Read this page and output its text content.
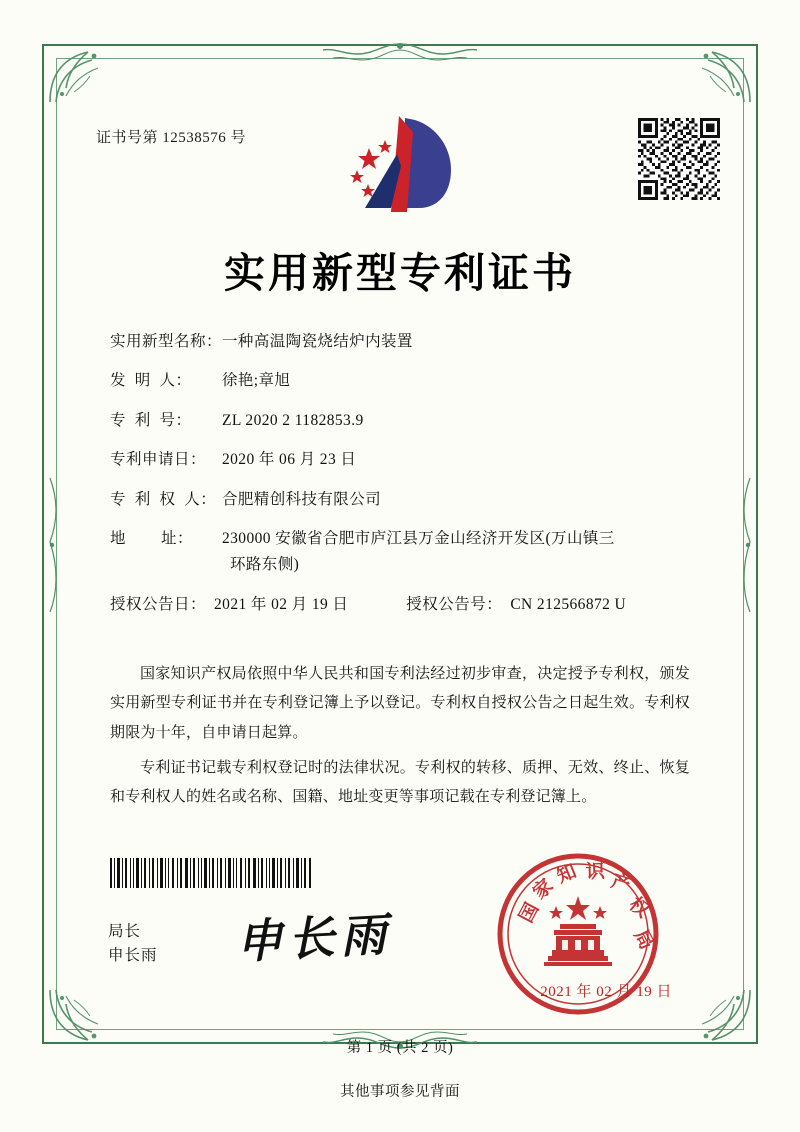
证书号第 12538576 号
实用新型专利证书
实用新型名称： 一种高温陶瓷烧结炉内装置
发  明  人：	徐艳;章旭
专  利  号：	ZL 2020 2 1182853.9
专利申请日：	2020 年 06 月 23 日
专  利  权  人： 合肥精创科技有限公司
地        址：	230000 安徽省合肥市庐江县万金山经济开发区(万山镇三
环路东侧)
授权公告日： 2021 年 02 月 19 日	授权公告号： CN 212566872 U

国家知识产权局依照中华人民共和国专利法经过初步审查，决定授予专利权，颁发实用新型专利证书并在专利登记簿上予以登记。专利权自授权公告之日起生效。专利权期限为十年，自申请日起算。

专利证书记载专利权登记时的法律状况。专利权的转移、质押、无效、终止、恢复和专利权人的姓名或名称、国籍、地址变更等事项记载在专利登记簿上。

局长
申长雨 申长雨	国
家
知 识 产
权
局
2021 年 02 月 19 日
第 1 页 (共 2 页)
其他事项参见背面
